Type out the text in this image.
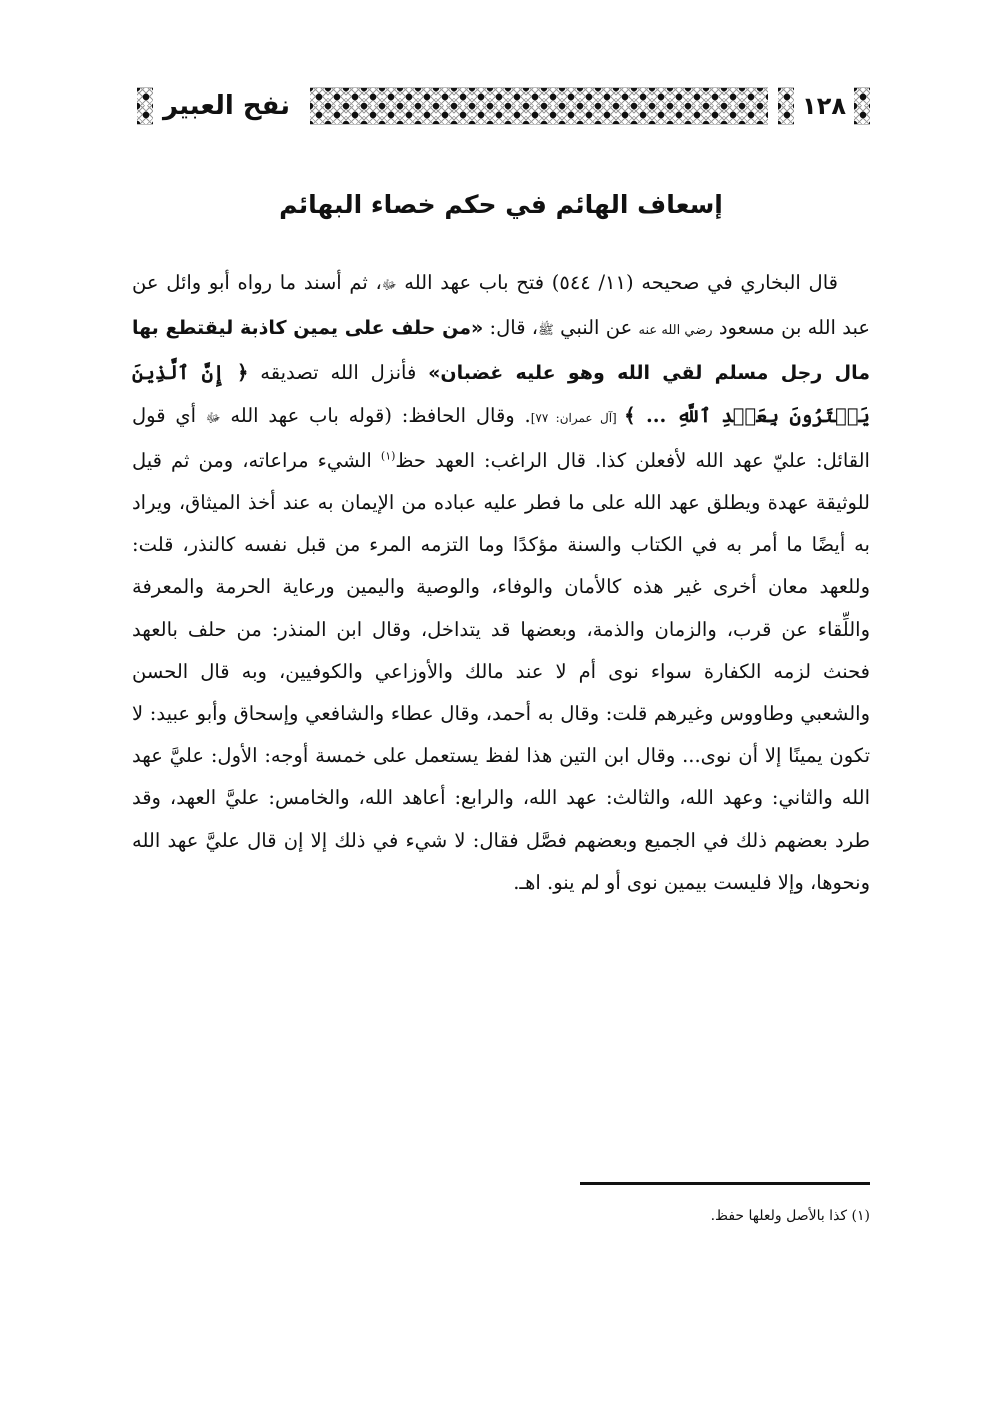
١٢٨
نفح العبير
إسعاف الهائم في حكم خصاء البهائم

قال البخاري في صحيحه (١١/ ٥٤٤) فتح باب عهد الله ﷻ، ثم أسند ما رواه أبو وائل عن عبد الله بن مسعود رضي الله عنه عن النبي ﷺ، قال: «من حلف على يمين كاذبة ليقتطع بها مال رجل مسلم لقي الله وهو عليه غضبان» فأنزل الله تصديقه ﴿ إِنَّ ٱلَّذِينَ يَشۡتَرُونَ بِعَهۡدِ ٱللَّهِ ... ﴾ [آل عمران: ٧٧]. وقال الحافظ: (قوله باب عهد الله ﷻ أي قول القائل: عليّ عهد الله لأفعلن كذا. قال الراغب: العهد حظ$^{(١)}$ الشيء مراعاته، ومن ثم قيل للوثيقة عهدة ويطلق عهد الله على ما فطر عليه عباده من الإيمان به عند أخذ الميثاق، ويراد به أيضًا ما أمر به في الكتاب والسنة مؤكدًا وما التزمه المرء من قبل نفسه كالنذر، قلت: وللعهد معان أخرى غير هذه كالأمان والوفاء، والوصية واليمين ورعاية الحرمة والمعرفة واللِّقاء عن قرب، والزمان والذمة، وبعضها قد يتداخل، وقال ابن المنذر: من حلف بالعهد فحنث لزمه الكفارة سواء نوى أم لا عند مالك والأوزاعي والكوفيين، وبه قال الحسن والشعبي وطاووس وغيرهم قلت: وقال به أحمد، وقال عطاء والشافعي وإسحاق وأبو عبيد: لا تكون يمينًا إلا أن نوى... وقال ابن التين هذا لفظ يستعمل على خمسة أوجه: الأول: عليَّ عهد الله والثاني: وعهد الله، والثالث: عهد الله، والرابع: أعاهد الله، والخامس: عليَّ العهد، وقد طرد بعضهم ذلك في الجميع وبعضهم فصَّل فقال: لا شيء في ذلك إلا إن قال عليَّ عهد الله ونحوها، وإلا فليست بيمين نوى أو لم ينو. اهـ.

(١) كذا بالأصل ولعلها حفظ.
